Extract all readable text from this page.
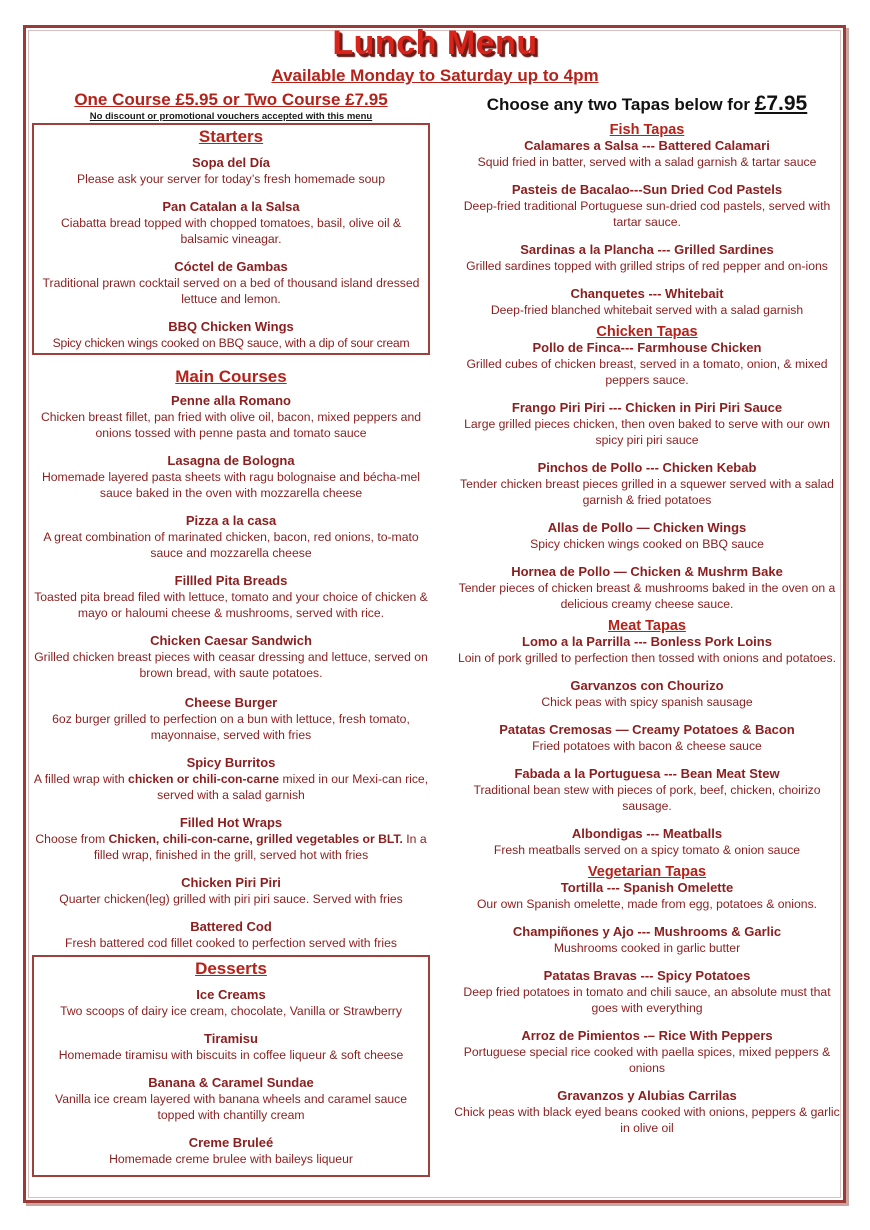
Lunch Menu
Available Monday to Saturday up to 4pm
One Course £5.95 or Two Course £7.95
No discount or promotional vouchers accepted with this menu
Starters
Sopa del Día
Please ask your server for today’s fresh homemade soup
Pan Catalan a la Salsa
Ciabatta bread topped with chopped tomatoes, basil, olive oil & balsamic vineagar.
Cóctel de Gambas
Traditional prawn cocktail served on a bed of thousand island dressed lettuce and lemon.
BBQ Chicken Wings
Spicy chicken wings cooked on BBQ sauce, with a dip of sour cream
Main Courses
Penne alla Romano
Chicken breast fillet, pan fried with olive oil, bacon, mixed peppers and onions tossed with penne pasta and tomato sauce
Lasagna de Bologna
Homemade layered pasta sheets with ragu bolognaise and bécha-mel sauce baked in the oven with mozzarella cheese
Pizza a la casa
A great combination of marinated chicken, bacon, red onions, to-mato sauce and mozzarella cheese
Fillled Pita Breads
Toasted pita bread filed with lettuce, tomato and your choice of chicken & mayo or haloumi cheese & mushrooms, served with rice.
Chicken Caesar Sandwich
Grilled chicken breast pieces with ceasar dressing and lettuce, served on brown bread, with saute potatoes.
Cheese Burger
6oz burger grilled to perfection on a bun with lettuce, fresh tomato, mayonnaise, served with fries
Spicy Burritos
A filled wrap with chicken or chili-con-carne mixed in our Mexi-can rice, served with a salad garnish
Filled Hot Wraps
Choose from Chicken, chili-con-carne, grilled vegetables or BLT. In a filled wrap, finished in the grill, served hot with fries
Chicken Piri Piri
Quarter chicken(leg) grilled with piri piri sauce. Served with fries
Battered Cod
Fresh battered cod fillet cooked to perfection served with fries
Desserts
Ice Creams
Two scoops of dairy ice cream, chocolate, Vanilla or Strawberry
Tiramisu
Homemade tiramisu with biscuits in coffee liqueur & soft cheese
Banana & Caramel Sundae
Vanilla ice cream layered with banana wheels and caramel sauce topped with chantilly cream
Creme Bruleé
Homemade creme brulee with baileys liqueur
Choose any two Tapas below for £7.95
Fish Tapas
Calamares a Salsa --- Battered Calamari
Squid fried in batter, served with a salad garnish & tartar sauce
Pasteis de Bacalao---Sun Dried Cod Pastels
Deep-fried traditional Portuguese sun-dried cod pastels, served with tartar sauce.
Sardinas a la Plancha --- Grilled Sardines
Grilled sardines topped with grilled strips of red pepper and on-ions
Chanquetes --- Whitebait
Deep-fried blanched whitebait served with a salad garnish
Chicken Tapas
Pollo de Finca--- Farmhouse Chicken
Grilled cubes of chicken breast, served in a tomato, onion, & mixed peppers sauce.
Frango Piri Piri --- Chicken in Piri Piri Sauce
Large grilled pieces chicken, then oven baked to serve with our own spicy piri piri sauce
Pinchos de Pollo --- Chicken Kebab
Tender chicken breast pieces grilled in a squewer served with a salad garnish & fried potatoes
Allas de Pollo — Chicken Wings
Spicy chicken wings cooked on BBQ sauce
Hornea de Pollo — Chicken & Mushrm Bake
Tender pieces of chicken breast & mushrooms baked in the oven on a delicious creamy cheese sauce.
Meat Tapas
Lomo a la Parrilla --- Bonless Pork Loins
Loin of pork grilled to perfection then tossed with onions and potatoes.
Garvanzos con Chourizo
Chick peas with spicy spanish sausage
Patatas Cremosas — Creamy Potatoes & Bacon
Fried potatoes with bacon & cheese sauce
Fabada a la Portuguesa --- Bean Meat Stew
Traditional bean stew with pieces of pork, beef, chicken, choirizo sausage.
Albondigas --- Meatballs
Fresh meatballs served on a spicy tomato & onion sauce
Vegetarian Tapas
Tortilla --- Spanish Omelette
Our own Spanish omelette, made from egg, potatoes & onions.
Champiñones y Ajo --- Mushrooms & Garlic
Mushrooms cooked in garlic butter
Patatas Bravas --- Spicy Potatoes
Deep fried potatoes in tomato and chili sauce, an absolute must that goes with everything
Arroz de Pimientos -– Rice With Peppers
Portuguese special rice cooked with paella spices, mixed peppers & onions
Gravanzos y Alubias Carrilas
Chick peas with black eyed beans cooked with onions, peppers & garlic in olive oil
